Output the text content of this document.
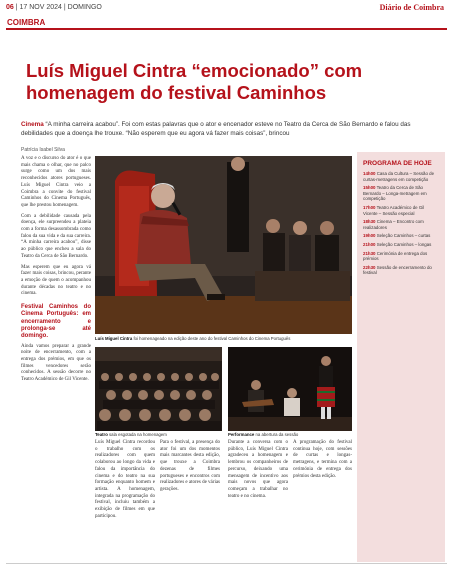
06 | 17 NOV 2024 | DOMINGO	Diário de Coimbra
COIMBRA
Luís Miguel Cintra “emocionado” com homenagem do festival Caminhos
Cinema “A minha carreira acabou”. Foi com estas palavras que o ator e encenador esteve no Teatro da Cerca de São Bernardo e falou das debilidades que a doença lhe trouxe. “Não esperem que eu agora vá fazer mais coisas”, brincou
Patrícia Isabel Silva

A voz e o discurso do ator é o que mais chama o olhar, que no palco surge como um dos mais reconhecidos atores portugueses. Luís Miguel Cintra veio a Coimbra a convite do festival Caminhos do Cinema Português, que lhe prestou homenagem.

Com a debilidade causada pela doença, ele surpreendeu a plateia com a forma desassombrada como falou da sua vida e da sua carreira. “A minha carreira acabou”, disse ao público que encheu a sala do Teatro da Cerca de São Bernardo.

Mas esperem que eu agora vá fazer mais coisas, brincou, perante a emoção de quem o acompanhou durante décadas no teatro e no cinema.

Festival Caminhos do Cinema Português: em encerramento e prolonga-se até domingo.

Ainda vamos preparar a grande noite de encerramento, com a entrega dos prémios, em que os filmes vencedores serão conhecidos. A sessão decorre no Teatro Académico de Gil Vicente.

Luís Miguel Cintra foi homenageado na edição deste ano do festival Caminhos do Cinema Português
Teatro sala esgotada na homenagem	Performance na abertura da sessão

Luís Miguel Cintra recordou o trabalho com os realizadores com quem colaborou ao longo da vida e falou da importância do cinema e do teatro na sua formação enquanto homem e artista. A homenagem, integrada na programação do festival, incluiu também a exibição de filmes em que participou.

Para o festival, a presença do ator foi um dos momentos mais marcantes desta edição, que trouxe a Coimbra dezenas de filmes portugueses e encontros com realizadores e atores de várias gerações.

Durante a conversa com o público, Luís Miguel Cintra agradeceu a homenagem e lembrou os companheiros de percurso, deixando uma mensagem de incentivo aos mais novos que agora começam a trabalhar no teatro e no cinema.

A programação do festival continua hoje, com sessões de curtas e longas-metragens, e termina com a cerimónia de entrega dos prémios desta edição.

PROGRAMA DE HOJE
14h00 Casa da Cultura – Sessão de curtas-metragens em competição
15h00 Teatro da Cerca de São Bernardo – Longa-metragem em competição
17h00 Teatro Académico de Gil Vicente – Sessão especial
18h30 Cinema – Encontro com realizadores
19h00 Seleção Caminhos – curtas
21h00 Seleção Caminhos – longas
21h30 Cerimónia de entrega dos prémios
22h30 Sessão de encerramento do festival
